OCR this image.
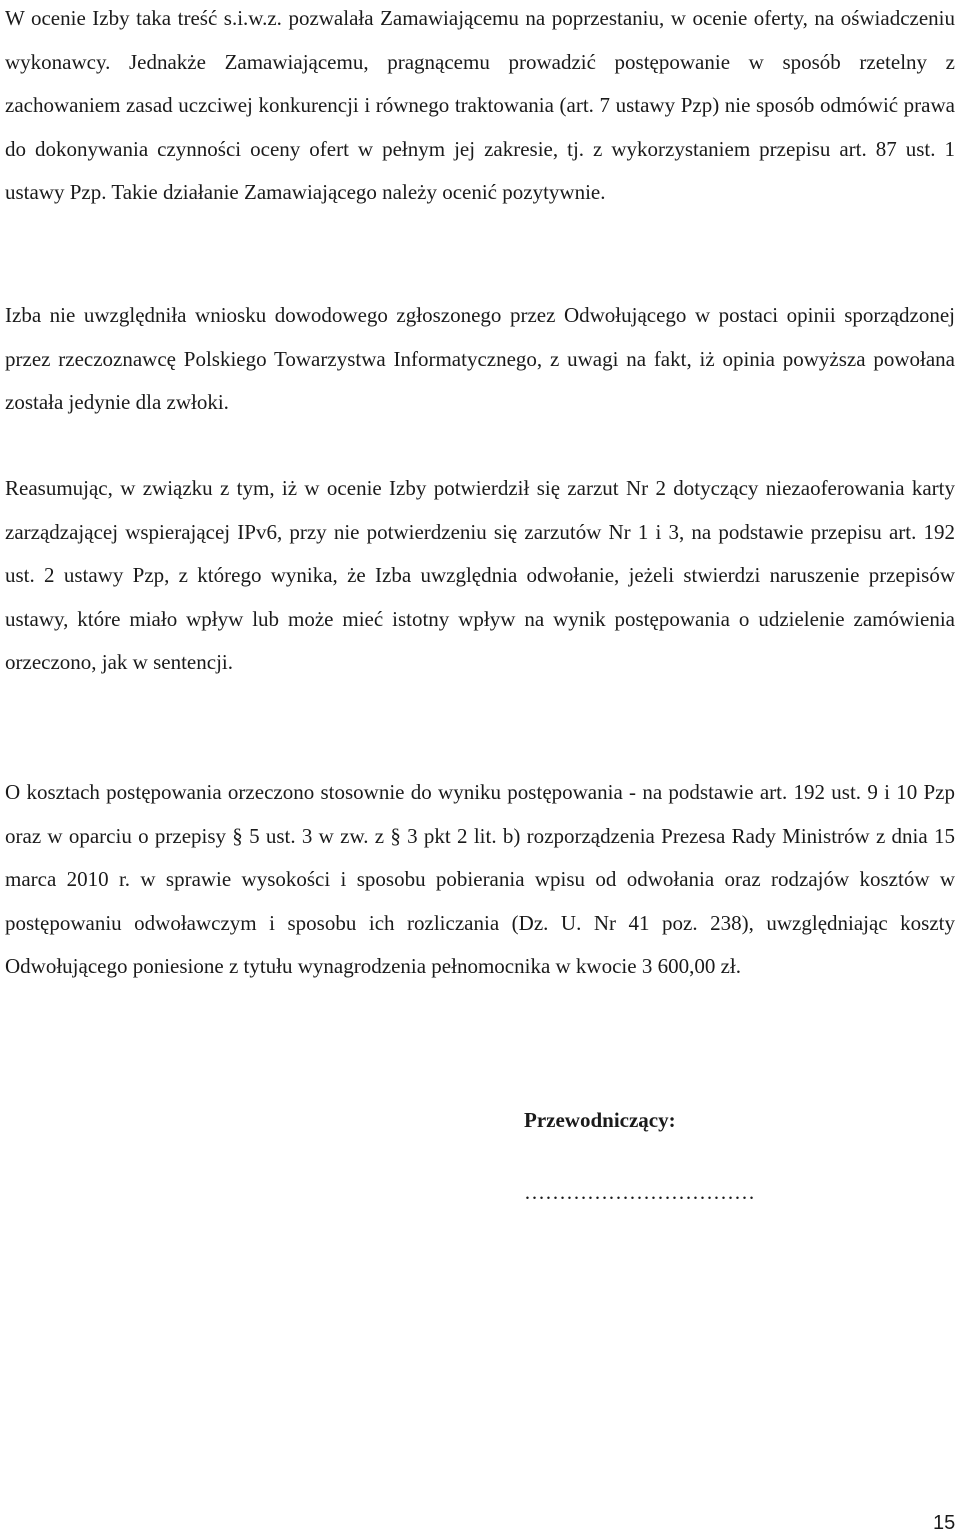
W ocenie Izby taka treść s.i.w.z. pozwalała Zamawiającemu na poprzestaniu, w ocenie oferty, na oświadczeniu wykonawcy. Jednakże Zamawiającemu, pragnącemu prowadzić postępowanie w sposób rzetelny z zachowaniem zasad uczciwej konkurencji i równego traktowania (art. 7 ustawy Pzp) nie sposób odmówić prawa do dokonywania czynności oceny ofert w pełnym jej zakresie, tj. z wykorzystaniem przepisu art. 87 ust. 1 ustawy Pzp. Takie działanie Zamawiającego należy ocenić pozytywnie.

Izba nie uwzględniła wniosku dowodowego zgłoszonego przez Odwołującego w postaci opinii sporządzonej przez rzeczoznawcę Polskiego Towarzystwa Informatycznego, z uwagi na fakt, iż opinia powyższa powołana została jedynie dla zwłoki.

Reasumując, w związku z tym, iż w ocenie Izby potwierdził się zarzut Nr 2 dotyczący niezaoferowania karty zarządzającej wspierającej IPv6, przy nie potwierdzeniu się zarzutów Nr 1 i 3, na podstawie przepisu art. 192 ust. 2 ustawy Pzp, z którego wynika, że Izba uwzględnia odwołanie, jeżeli stwierdzi naruszenie przepisów ustawy, które miało wpływ lub może mieć istotny wpływ na wynik postępowania o udzielenie zamówienia orzeczono, jak w sentencji.

O kosztach postępowania orzeczono stosownie do wyniku postępowania - na podstawie art. 192 ust. 9 i 10 Pzp oraz w oparciu o przepisy § 5 ust. 3 w zw. z § 3 pkt 2 lit. b) rozporządzenia Prezesa Rady Ministrów z dnia 15 marca 2010 r. w sprawie wysokości i sposobu pobierania wpisu od odwołania oraz rodzajów kosztów w postępowaniu odwoławczym i sposobu ich rozliczania (Dz. U. Nr 41 poz. 238), uwzględniając koszty Odwołującego poniesione z tytułu wynagrodzenia pełnomocnika w kwocie 3 600,00 zł.

Przewodniczący:

……………………………

15
